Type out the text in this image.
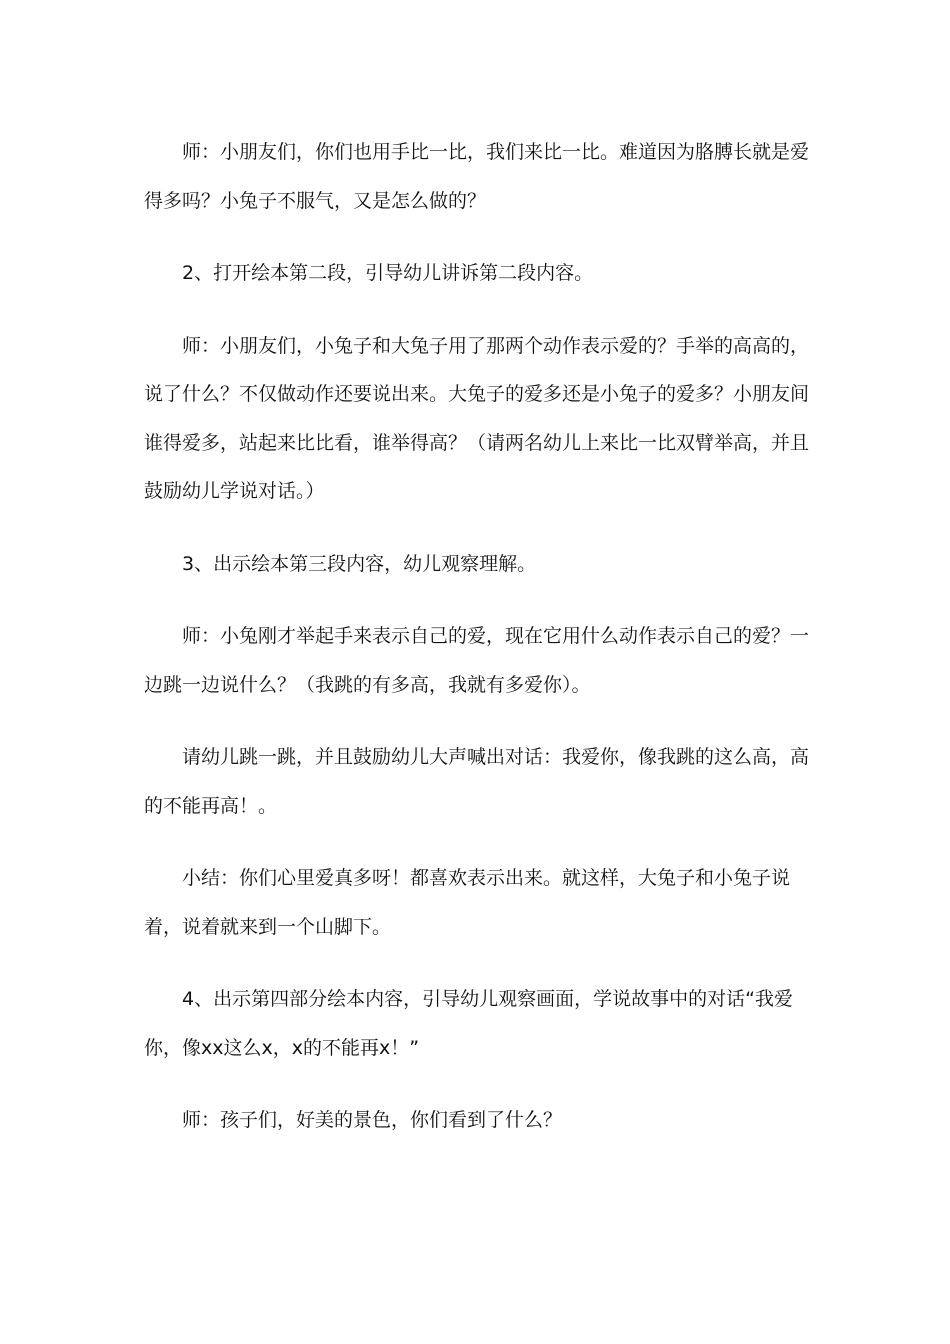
师：小朋友们，你们也用手比一比，我们来比一比。难道因为胳膊长就是爱得多吗？小兔子不服气，又是怎么做的？

2、打开绘本第二段，引导幼儿讲诉第二段内容。

师：小朋友们，小兔子和大兔子用了那两个动作表示爱的？手举的高高的，说了什么？不仅做动作还要说出来。大兔子的爱多还是小兔子的爱多？小朋友间谁得爱多，站起来比比看，谁举得高？（请两名幼儿上来比一比双臂举高，并且鼓励幼儿学说对话。）

3、出示绘本第三段内容，幼儿观察理解。

师：小兔刚才举起手来表示自己的爱，现在它用什么动作表示自己的爱？一边跳一边说什么？（我跳的有多高，我就有多爱你）。

请幼儿跳一跳，并且鼓励幼儿大声喊出对话：我爱你，像我跳的这么高，高的不能再高！。

小结：你们心里爱真多呀！都喜欢表示出来。就这样，大兔子和小兔子说着，说着就来到一个山脚下。

4、出示第四部分绘本内容，引导幼儿观察画面，学说故事中的对话“我爱你，像xx这么x，x的不能再x！”

师：孩子们，好美的景色，你们看到了什么？
